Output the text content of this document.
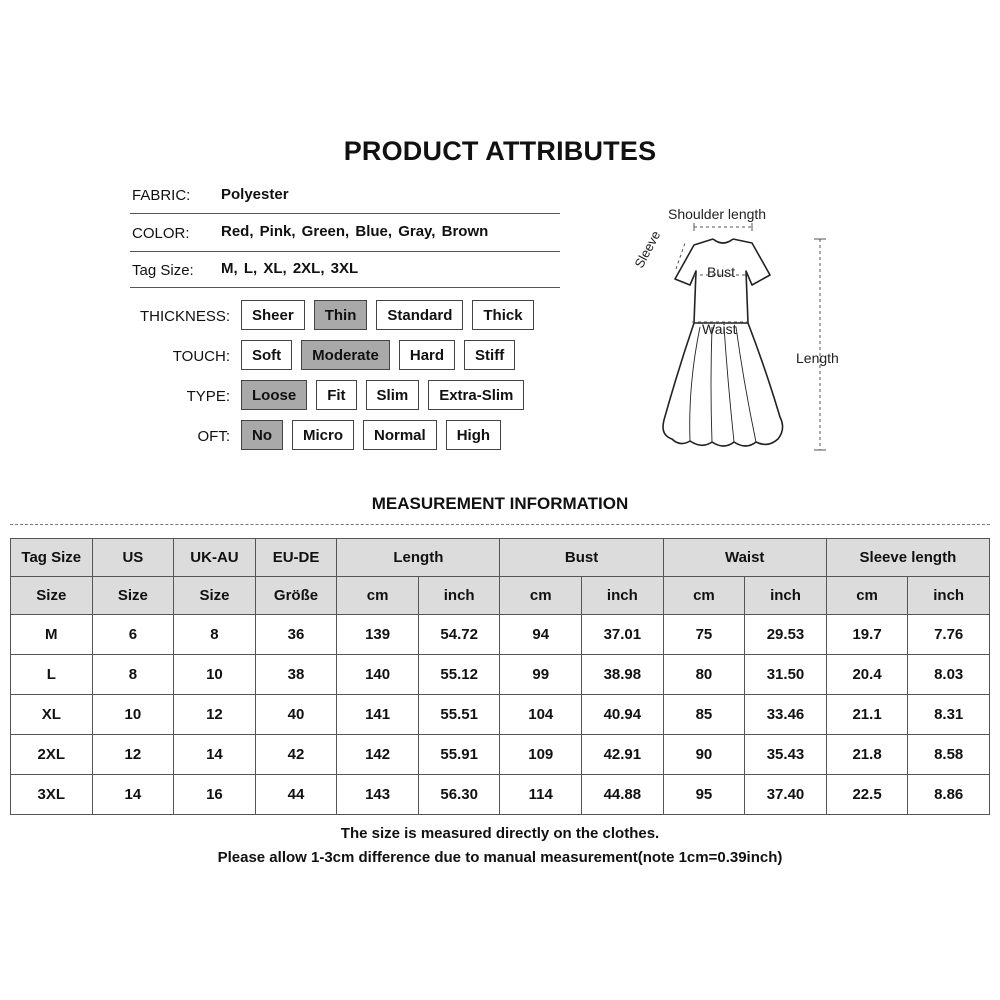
PRODUCT ATTRIBUTES
FABRIC: Polyester
COLOR: Red, Pink, Green, Blue, Gray, Brown
Tag Size: M, L, XL, 2XL, 3XL
THICKNESS:	Sheer	Thin	Standard	Thick
TOUCH:	Soft	Moderate	Hard	Stiff
TYPE:	Loose	Fit	Slim	Extra-Slim
OFT:	No	Micro	Normal	High
Shoulder length
Sleeve
Bust
Waist
Length
MEASUREMENT INFORMATION
Tag Size	US	UK-AU	EU-DE	Length		Bust		Waist		Sleeve length	
Size	Size	Size	Größe	cm	inch	cm	inch	cm	inch	cm	inch
M	6	8	36	139	54.72	94	37.01	75	29.53	19.7	7.76
L	8	10	38	140	55.12	99	38.98	80	31.50	20.4	8.03
XL	10	12	40	141	55.51	104	40.94	85	33.46	21.1	8.31
2XL	12	14	42	142	55.91	109	42.91	90	35.43	21.8	8.58
3XL	14	16	44	143	56.30	114	44.88	95	37.40	22.5	8.86
The size is measured directly on the clothes.
Please allow 1-3cm difference due to manual measurement(note 1cm=0.39inch)
